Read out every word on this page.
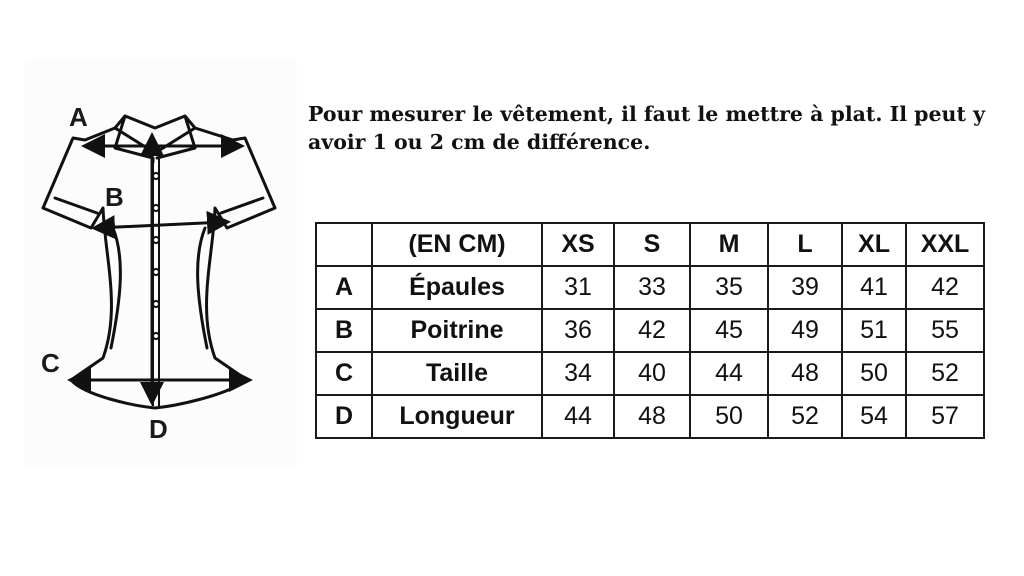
A
B
C
D

Pour mesurer le vêtement, il faut le mettre à plat. Il peut y avoir 1 ou 2 cm de différence.

	(EN CM)	XS	S	M	L	XL	XXL
A	Épaules	31	33	35	39	41	42
B	Poitrine	36	42	45	49	51	55
C	Taille	34	40	44	48	50	52
D	Longueur	44	48	50	52	54	57
